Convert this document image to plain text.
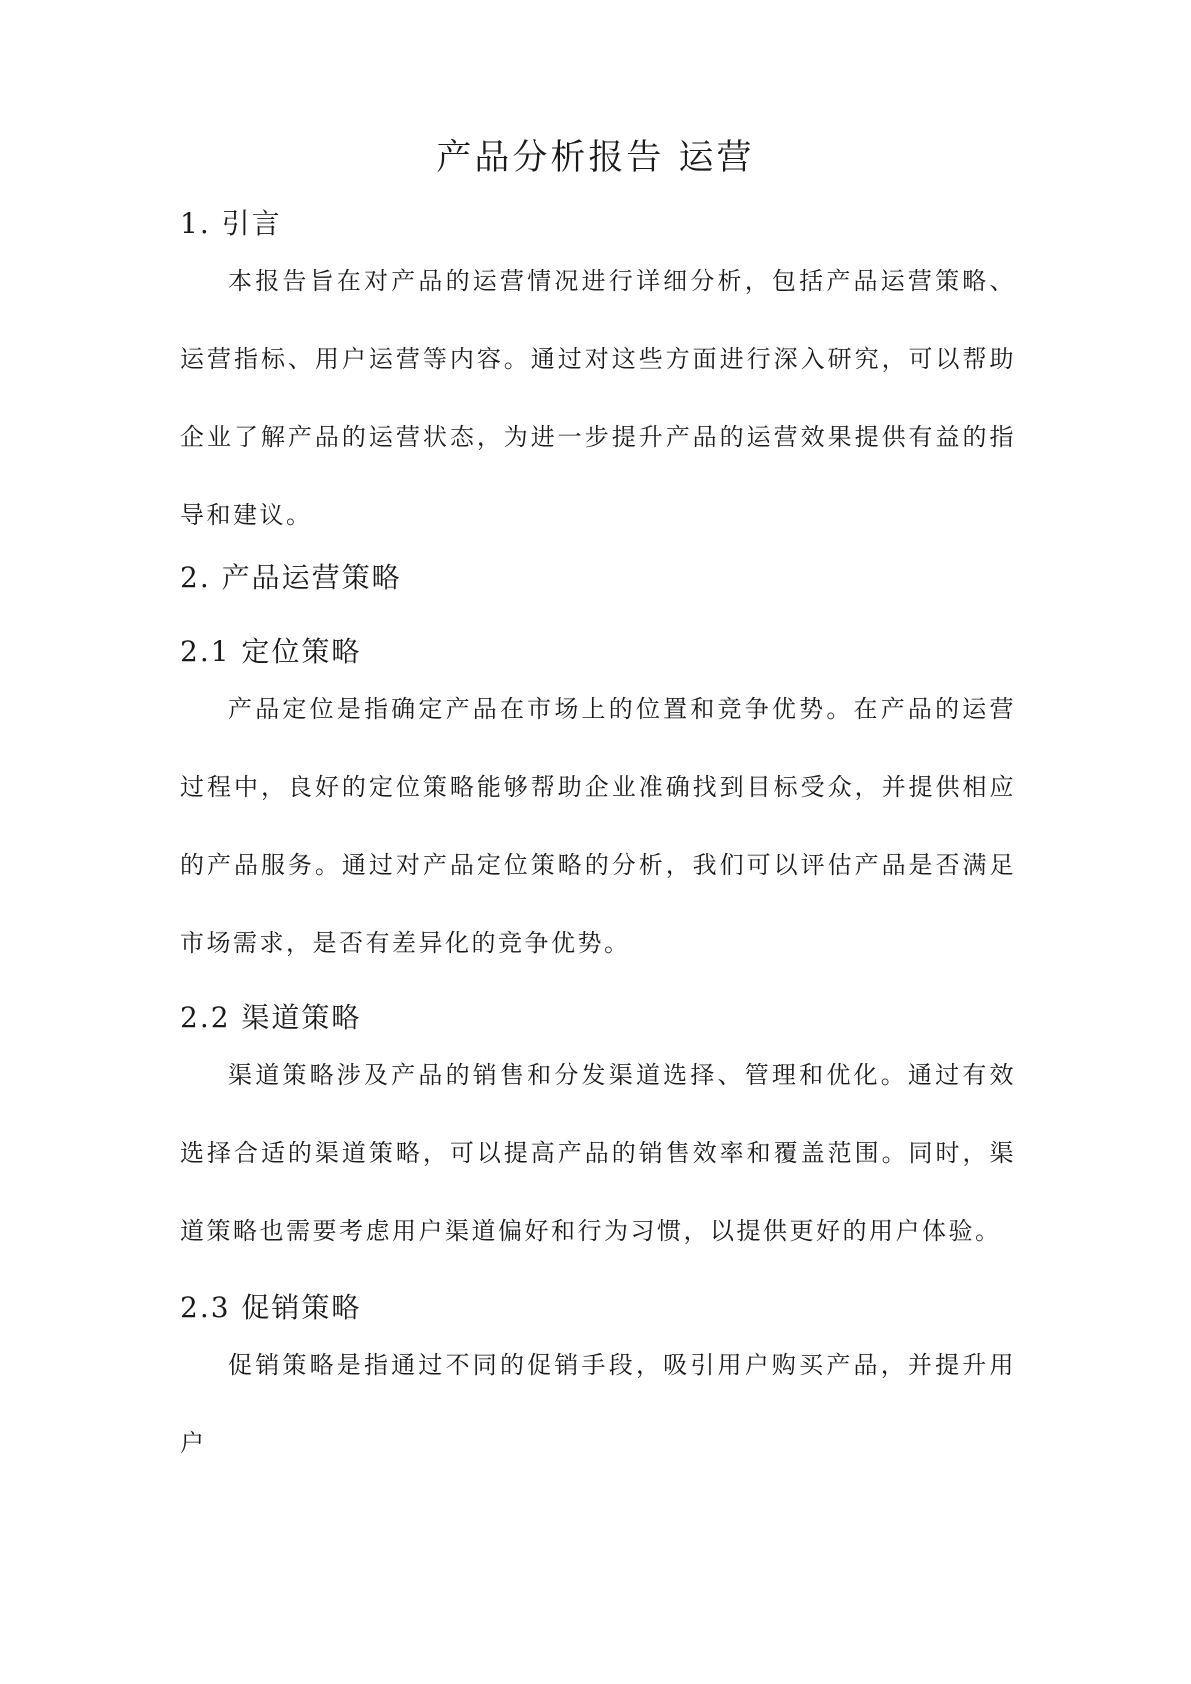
产品分析报告 运营
1. 引言

本报告旨在对产品的运营情况进行详细分析，包括产品运营策略、运营指标、用户运营等内容。通过对这些方面进行深入研究，可以帮助企业了解产品的运营状态，为进一步提升产品的运营效果提供有益的指导和建议。

2. 产品运营策略
2.1 定位策略

产品定位是指确定产品在市场上的位置和竞争优势。在产品的运营过程中，良好的定位策略能够帮助企业准确找到目标受众，并提供相应的产品服务。通过对产品定位策略的分析，我们可以评估产品是否满足市场需求，是否有差异化的竞争优势。

2.2 渠道策略

渠道策略涉及产品的销售和分发渠道选择、管理和优化。通过有效选择合适的渠道策略，可以提高产品的销售效率和覆盖范围。同时，渠道策略也需要考虑用户渠道偏好和行为习惯，以提供更好的用户体验。

2.3 促销策略

促销策略是指通过不同的促销手段，吸引用户购买产品，并提升用户
